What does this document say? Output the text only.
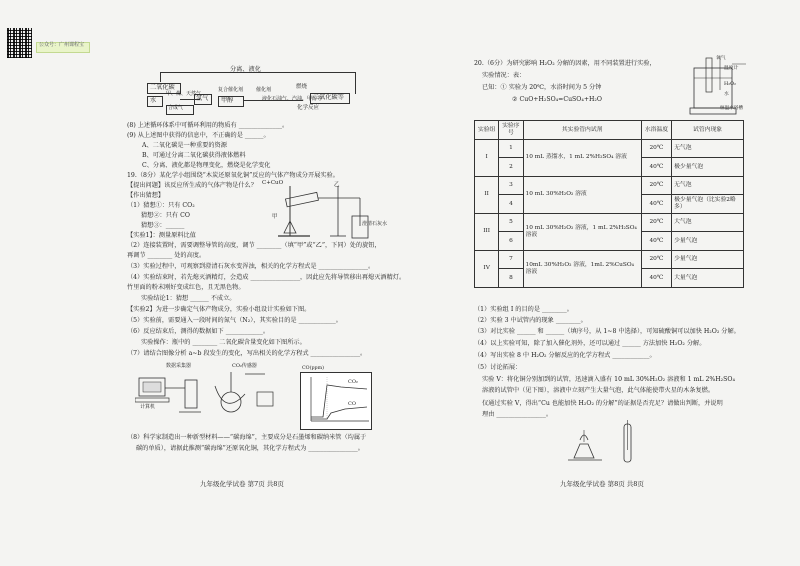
公众号：广州课程宝
分离、液化
二氧化碳
水
甲、煤、天然气
氢气
复合催化剂
甲醇
催化剂
液化石油气、汽油、甲醇等
燃烧
二氧化碳等
化学反应
合成气
(8) 上述循环体系中可循环利用的物质有 ______________。
(9) 从上述图中获得的信息中，不正确的是 ______。
A、二氧化碳是一种重要的资源
B、可通过分离二氧化碳获得液体燃料
C、分离、液化都是物理变化，燃烧是化学变化
19.（8分）某化学小组围绕“木炭还原氧化铜”反应的气体产物成分开展实验。
【提出问题】该反应所生成的气体产物是什么？
【作出猜想】
（1）猜想①：只有 CO₂
猜想②：只有 CO
猜想③：______
C+CuO
甲
乙
澄清石灰水
【实验1】：测量原料比值
（2）连接装置时，需要调整导管的高度，调节 ________（填“甲”或“乙”，下同）处的旋钮，
再调节 ________ 处的高度。
（3）实验过程中，可观察到澄清石灰水变浑浊，相关的化学方程式是 ________________。
（4）实验结束时，若先熄灭酒精灯，会造成 ________________，因此应先将导管移出再熄灭酒精灯。
竹里面的粉末刚好变成红色，且无黑色物。
实验结论1：猜想 ______ 不成立。
【实验2】为进一步确定气体产物成分，实验小组设计实验如下图。
（5）实验前，需要通入一段时间的氮气（N₂），其实验目的是 ____________。
（6）反应结束后，测得的数据如下 ____________。
实验操作：瓶中的 ________ 二氧化碳含量变化如下图所示。
（7）请结合图像分析 a~b 段发生的变化，写出相关的化学方程式 ________________。
数据采集器
计算机
CO₂传感器	CO(ppm)
CO₂
CO
（8）科学家制造出一种新型材料——“碳海绵”，主要成分是石墨烯和碳纳米管（均属于
碳的单质），请据此推测“碳海绵”还原氧化铜，其化学方程式为 ________________。
九年级化学试卷 第7页 共8页
20.（6分）为研究影响 H₂O₂ 分解的因素，用不同装置进行实验，
实验情况：表：
已知：① 实验为 20℃，水浴时间为 5 分钟
② CuO+H₂SO₄=CuSO₄+H₂O
氧气
温度计
H₂O₂
水
恒温水浴槽
实验组	实验序号	其实验管内试剂	水浴温度	试管内现象
I	1	10 mL 蒸馏水，1 mL 2%H₂SO₄ 溶液	20℃	无气泡
	2		40℃	极少量气泡
II	3	10 mL 30%H₂O₂ 溶液	20℃	无气泡
	4		40℃	极少量气泡（比实验2略多）
III	5	10 mL 30%H₂O₂ 溶液，1 mL 2%H₂SO₄ 溶液	20℃	大气泡
	6		40℃	少量气泡
IV	7	10mL 30%H₂O₂ 溶液，1mL 2%CuSO₄ 溶液	20℃	少量气泡
	8		40℃	大量气泡
（1）实验组 I 的目的是 ________。
（2）实验 3 中试管内的现象 ________。
（3）对比实验 ______ 和 ______（填序号，从 1~8 中选择），可知硫酸铜可以加快 H₂O₂ 分解。
（4）以上实验可知，除了加入催化剂外，还可以通过 ______ 方法加快 H₂O₂ 分解。
（4）写出实验 8 中 H₂O₂ 分解反应的化学方程式 ____________。
（5）讨论拓展：
实验 V：将化铜分别加到的试管，迅速滴入盛有 10 mL 30%H₂O₂ 溶液和 1 mL 2%H₂SO₄
溶液的试管中（见下图），溶液中立刻产生大量气泡，此气体能使带火星的木条复燃。
仅通过实验 V，得出“Cu 也能加快 H₂O₂ 的分解”的证据是否充足？请做出判断，并说明
理由 ________________。
九年级化学试卷 第8页 共8页
